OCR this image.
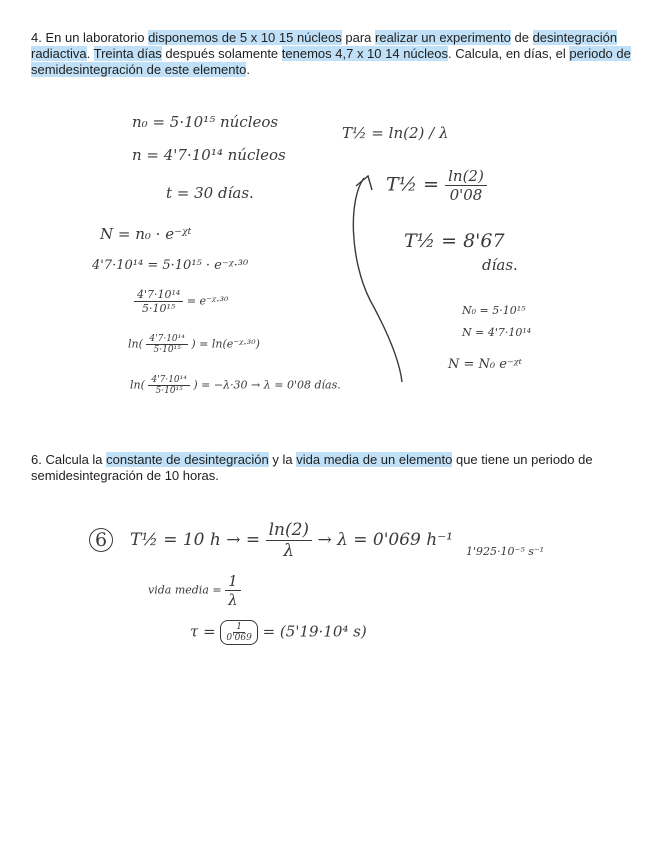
4. En un laboratorio disponemos de 5 x 10 15 núcleos para realizar un experimento de desintegración radiactiva. Treinta días después solamente tenemos 4,7 x 10 14 núcleos. Calcula, en días, el periodo de semidesintegración de este elemento.
n₀ = 5·10¹⁵ núcleos
n = 4'7·10¹⁴ núcleos
t = 30 días.
N = n₀ · e⁻ᵡᵗ
4'7·10¹⁴ = 5·10¹⁵ · e⁻ᵡ·³⁰
$\frac{\text{4'7·10¹⁴}}{\text{5·10¹⁵}}$ = e⁻ᵡ·³⁰
$\ln( \frac{\text{4'7·10¹⁴}}{\text{5·10¹⁵}}$ ) = ln(e⁻ᵡ·³⁰)
$\ln( \frac{\text{4'7·10¹⁴}}{\text{5·10¹⁵}}$ ) = −λ·30 → λ = 0'08 días.
T½ = ln(2) / λ
T½ = $\frac{\ln(2)}{0'08}$
T½ = 8'67
días.
N₀ = 5·10¹⁵
N = 4'7·10¹⁴
N = N₀ e⁻ᵡᵗ
6. Calcula la constante de desintegración y la vida media de un elemento que tiene un periodo de semidesintegración de 10 horas.
6	T½ = 10 h → = $\frac{\ln(2)}{\lambda} \to \lambda = 0'069$ h⁻¹
1'925·10⁻⁵ s⁻¹
vida media = $\frac{1}{\lambda}$
$\tau = \frac{1}{0'069} = (5'19\cdot 10^4$ s)
